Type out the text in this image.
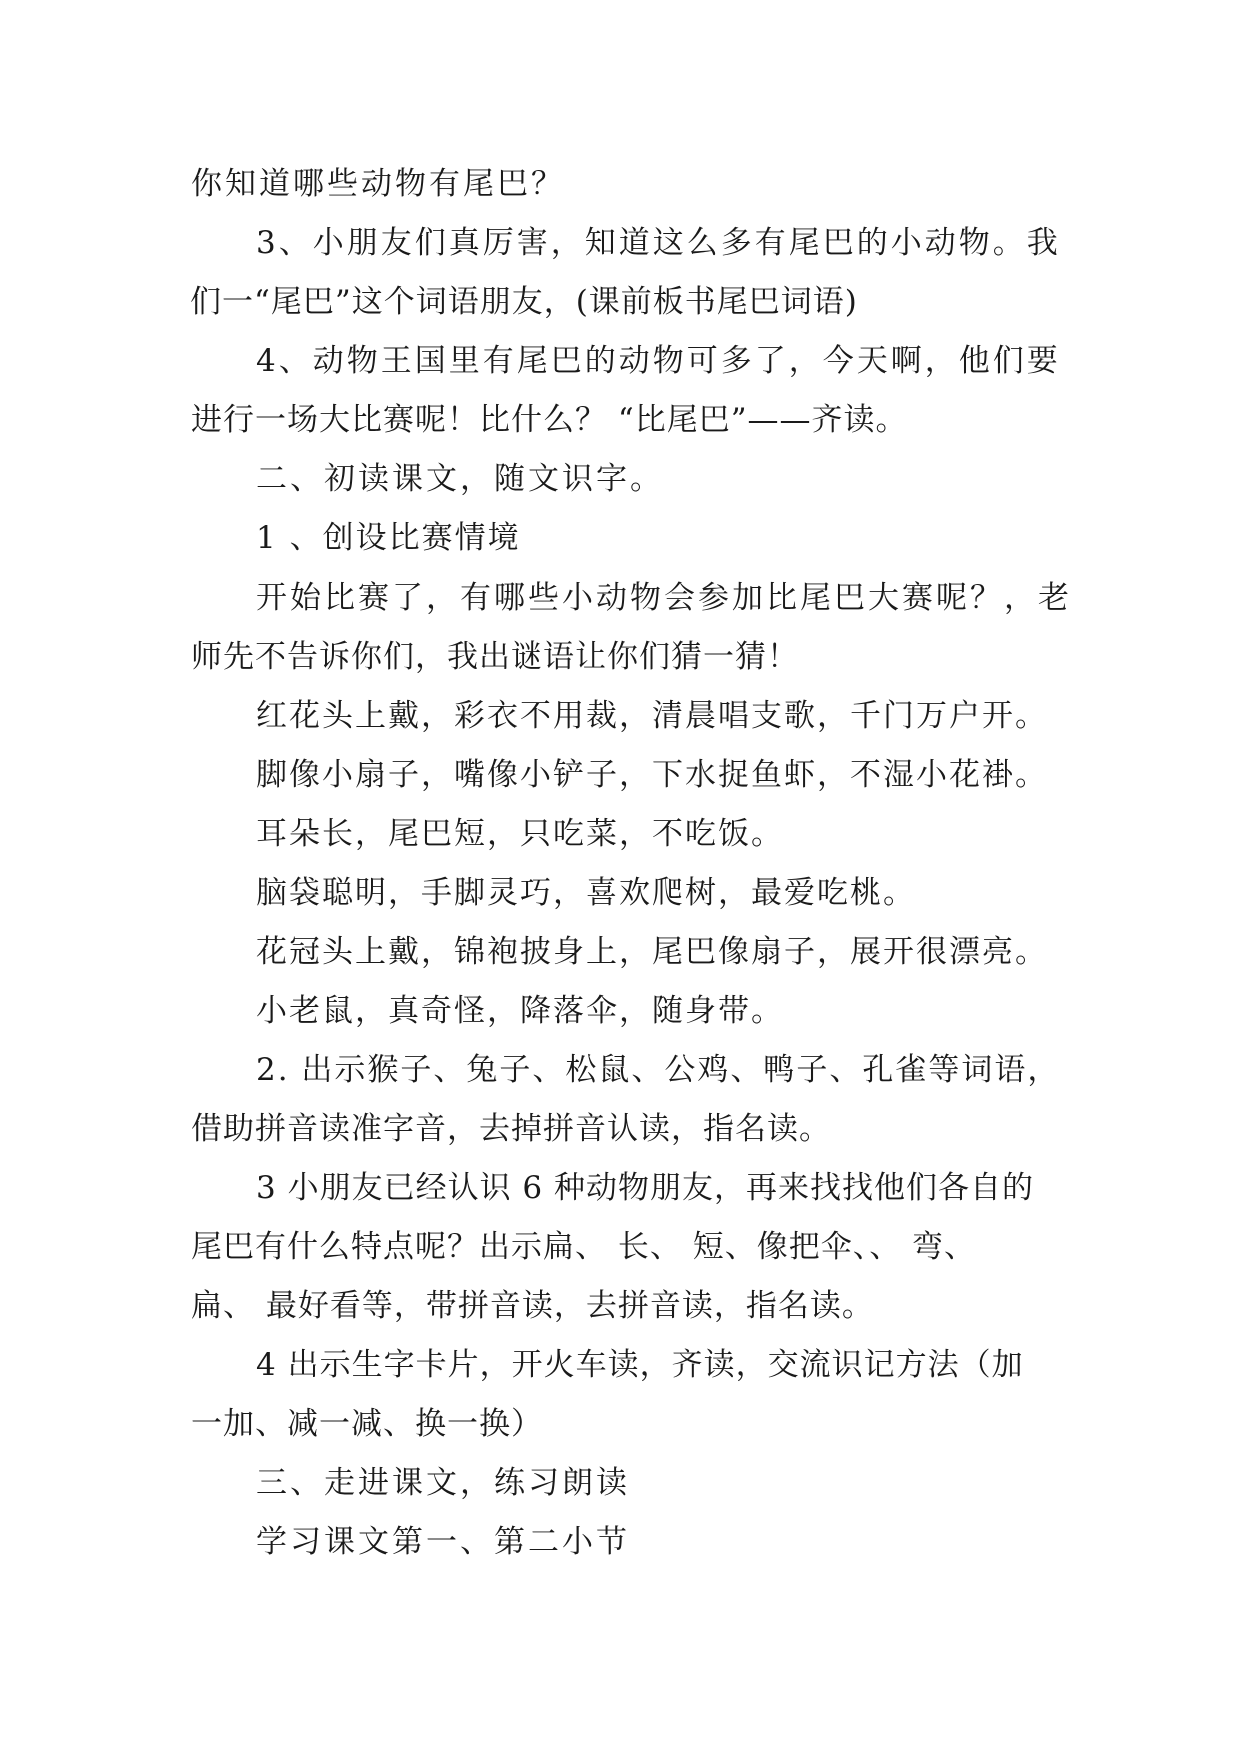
你知道哪些动物有尾巴？
3、小朋友们真厉害，知道这么多有尾巴的小动物。我
们一“尾巴”这个词语朋友，(课前板书尾巴词语)
4、动物王国里有尾巴的动物可多了，今天啊，他们要
进行一场大比赛呢！比什么？ “比尾巴”——齐读。
二、初读课文，随文识字。
1 、创设比赛情境
开始比赛了，有哪些小动物会参加比尾巴大赛呢？，老
师先不告诉你们，我出谜语让你们猜一猜！
红花头上戴，彩衣不用裁，清晨唱支歌，千门万户开。
脚像小扇子，嘴像小铲子，下水捉鱼虾，不湿小花褂。
耳朵长，尾巴短，只吃菜，不吃饭。
脑袋聪明，手脚灵巧，喜欢爬树，最爱吃桃。
花冠头上戴，锦袍披身上，尾巴像扇子，展开很漂亮。
小老鼠，真奇怪，降落伞，随身带。
2. 出示猴子、兔子、松鼠、公鸡、鸭子、孔雀等词语，
借助拼音读准字音，去掉拼音认读，指名读。
3 小朋友已经认识 6 种动物朋友，再来找找他们各自的
尾巴有什么特点呢？出示扁、 长、 短、像把伞、、 弯、
扁、 最好看等，带拼音读，去拼音读，指名读。
4 出示生字卡片，开火车读，齐读，交流识记方法（加
一加、减一减、换一换）
三、走进课文，练习朗读
学习课文第一、第二小节
